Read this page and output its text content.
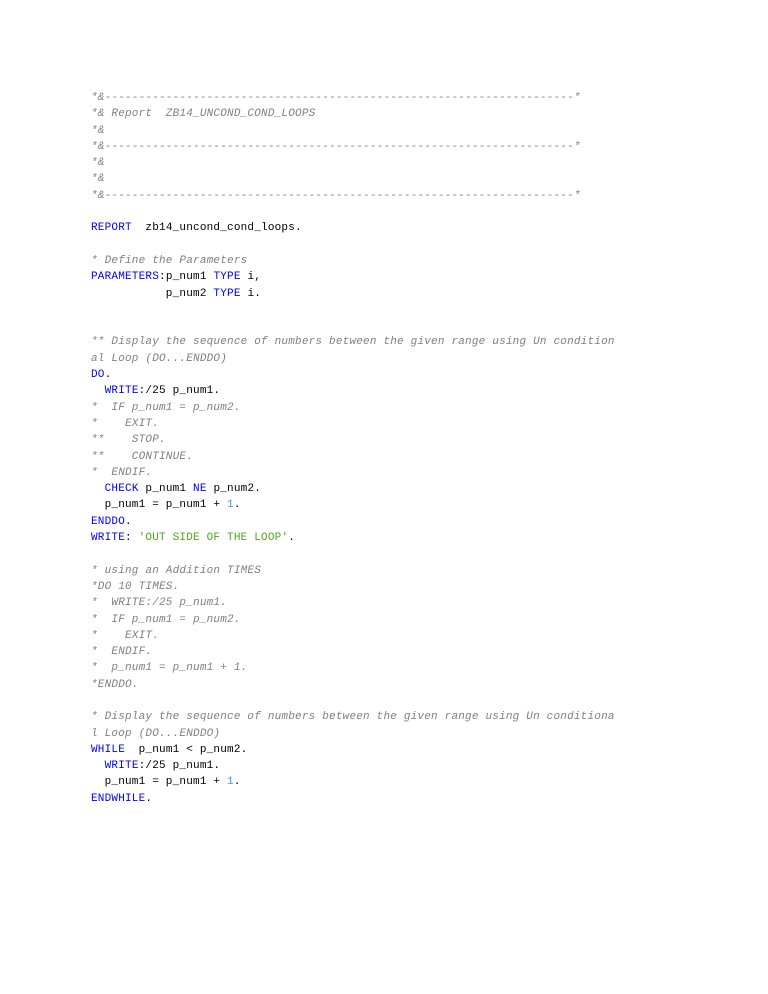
*&---------------------------------------------------------------------*
*& Report  ZB14_UNCOND_COND_LOOPS
*&
*&---------------------------------------------------------------------*
*&
*&
*&---------------------------------------------------------------------*
REPORT  zb14_uncond_cond_loops.
* Define the Parameters
PARAMETERS:p_num1 TYPE i,
p_num2 TYPE i.
** Display the sequence of numbers between the given range using Un condition
al Loop (DO...ENDDO)
DO.
WRITE:/25 p_num1.
*  IF p_num1 = p_num2.
*    EXIT.
**    STOP.
**    CONTINUE.
*  ENDIF.
CHECK p_num1 NE p_num2.
p_num1 = p_num1 + 1.
ENDDO.
WRITE: 'OUT SIDE OF THE LOOP'.
* using an Addition TIMES
*DO 10 TIMES.
*  WRITE:/25 p_num1.
*  IF p_num1 = p_num2.
*    EXIT.
*  ENDIF.
*  p_num1 = p_num1 + 1.
*ENDDO.
* Display the sequence of numbers between the given range using Un conditiona
l Loop (DO...ENDDO)
WHILE  p_num1 < p_num2.
WRITE:/25 p_num1.
p_num1 = p_num1 + 1.
ENDWHILE.
